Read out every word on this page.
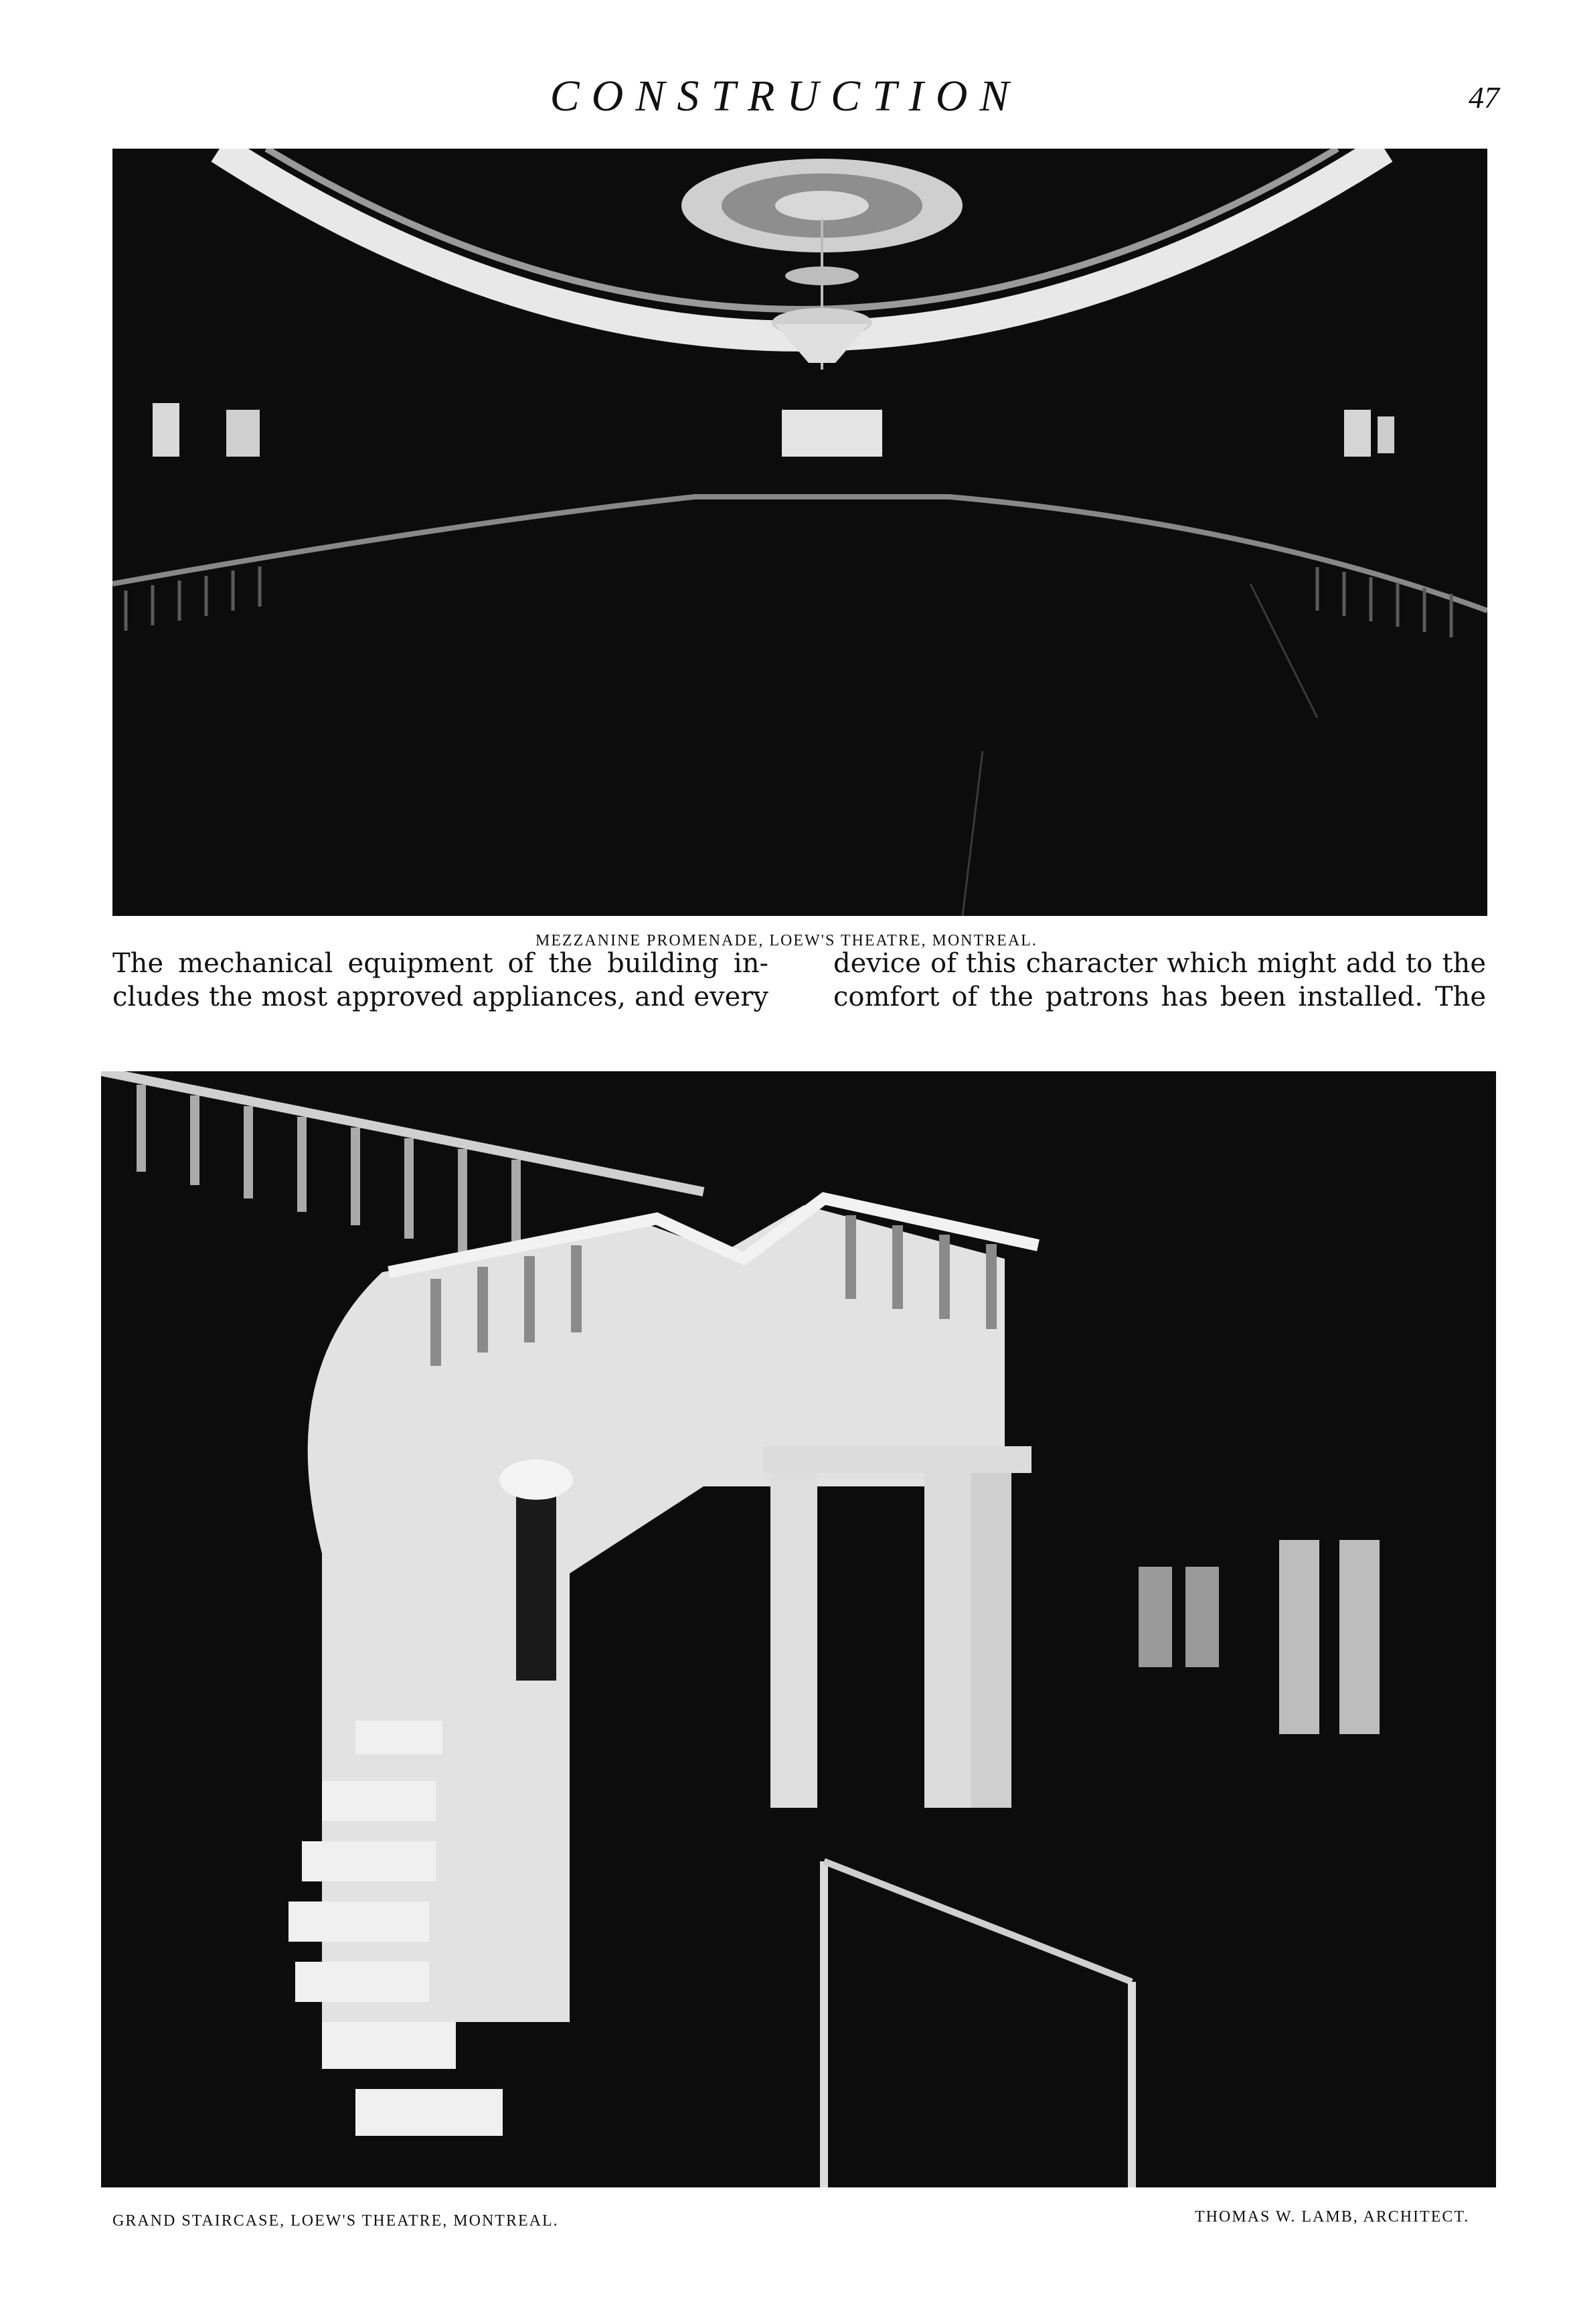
CONSTRUCTION	47
MEZZANINE PROMENADE, LOEW'S THEATRE, MONTREAL.
The mechanical equipment of the building in-
cludes the most approved appliances, and every
device of this character which might add to the
comfort of the patrons has been installed. The
GRAND STAIRCASE, LOEW'S THEATRE, MONTREAL.	THOMAS W. LAMB, ARCHITECT.
